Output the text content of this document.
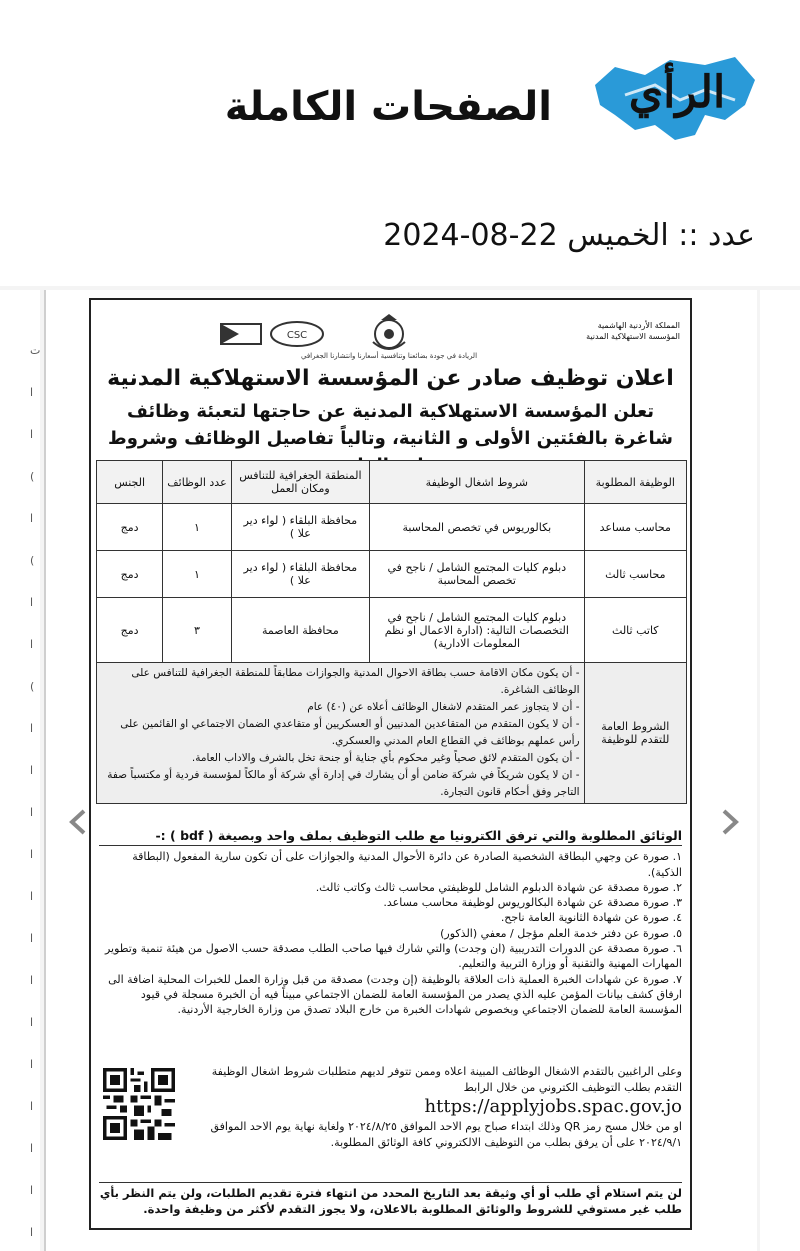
الرأي
الصفحات الكاملة
عدد :: الخميس 22-08-2024
ت
ا
ا
(
ا
(
ا
ا
(
ا
ا
ا
ا
ا
ا
ا
ا
ا
ا
ا
ا
ا
المملكة الأردنية الهاشمية
المؤسسة الاستهلاكية المدنية
CSC
الريادة في جودة بضائعنا وتنافسية أسعارنا وانتشارنا الجغرافي
اعلان توظيف صادر عن المؤسسة الاستهلاكية المدنية
تعلن المؤسسة الاستهلاكية المدنية عن حاجتها لتعبئة وظائف شاغرة بالفئتين الأولى و الثانية، وتالياً تفاصيل الوظائف وشروط
الوظيفة المطلوبة	شروط اشغال الوظيفة	المنطقة الجغرافية للتنافس ومكان العمل	عدد الوظائف	الجنس
محاسب مساعد	بكالوريوس في تخصص المحاسبة	محافظة البلقاء ( لواء دير علا )	١	دمج
محاسب ثالث	دبلوم كليات المجتمع الشامل / ناجح في تخصص المحاسبة	محافظة البلقاء ( لواء دير علا )	١	دمج
كاتب ثالث	دبلوم كليات المجتمع الشامل / ناجح في التخصصات التالية: (ادارة الاعمال او نظم المعلومات الادارية)	محافظة العاصمة	٣	دمج
الشروط العامة للتقدم للوظيفة	- أن يكون مكان الاقامة حسب بطاقة الاحوال المدنية والجوازات مطابقاً للمنطقة الجغرافية للتنافس على الوظائف الشاغرة.
- أن لا يتجاوز عمر المتقدم لاشغال الوظائف أعلاه عن (٤٠) عام
- أن لا يكون المتقدم من المتقاعدين المدنيين أو العسكريين أو متقاعدي الضمان الاجتماعي او القائمين على رأس عملهم بوظائف في القطاع العام المدني والعسكري.
- أن يكون المتقدم لائق صحياً وغير محكوم بأي جناية أو جنحة تخل بالشرف والاداب العامة.
- ان لا يكون شريكاً في شركة ضامن أو أن يشارك في إدارة أي شركة أو مالكاً لمؤسسة فردية أو مكتسباً صفة التاجر وفق أحكام قانون التجارة.			
الوثائق المطلوبة والتي ترفق الكترونيا مع طلب التوظيف بملف واحد وبصيغة ( bdf ) :-

١. صورة عن وجهي البطاقة الشخصية الصادرة عن دائرة الأحوال المدنية والجوازات على أن تكون سارية المفعول (البطاقة الذكية).

٢. صورة مصدقة عن شهادة الدبلوم الشامل للوظيفتي محاسب ثالث وكاتب ثالث.

٣. صورة مصدقة عن شهادة البكالوريوس لوظيفة محاسب مساعد.

٤. صورة عن شهادة الثانوية العامة ناجح.

٥. صورة عن دفتر خدمة العلم مؤجل / معفي (الذكور)

٦. صورة مصدقة عن الدورات التدريبية (ان وجدت) والتي شارك فيها صاحب الطلب مصدقة حسب الاصول من هيئة تنمية وتطوير المهارات المهنية والتقنية أو وزارة التربية والتعليم.

٧. صورة عن شهادات الخبرة العملية ذات العلاقة بالوظيفة (إن وجدت) مصدقة من قبل وزارة العمل للخبرات المحلية اضافة الى ارفاق كشف بيانات المؤمن عليه الذي يصدر من المؤسسة العامة للضمان الاجتماعي مبيناً فيه أن الخبرة مسجلة في قيود المؤسسة العامة للضمان الاجتماعي وبخصوص شهادات الخبرة من خارج البلاد تصدق من وزارة الخارجية الأردنية.

وعلى الراغبين بالتقدم الاشغال الوظائف المبينة اعلاه وممن تتوفر لديهم متطلبات شروط اشغال الوظيفة التقدم بطلب التوظيف الكتروني من خلال الرابط
https://applyjobs.spac.gov.jo
او من خلال مسح رمز QR وذلك ابتداء صباح يوم الاحد الموافق ٢٠٢٤/٨/٢٥ ولغاية نهاية يوم الاحد الموافق ٢٠٢٤/٩/١ على أن يرفق بطلب من التوظيف الالكتروني كافة الوثائق المطلوبة.
لن يتم استلام أي طلب أو أي وثيقة بعد التاريخ المحدد من انتهاء فترة تقديم الطلبات، ولن يتم النظر بأي طلب غير مستوفي للشروط والوثائق المطلوبة بالاعلان، ولا يجوز التقدم لأكثر من وظيفة واحدة.
